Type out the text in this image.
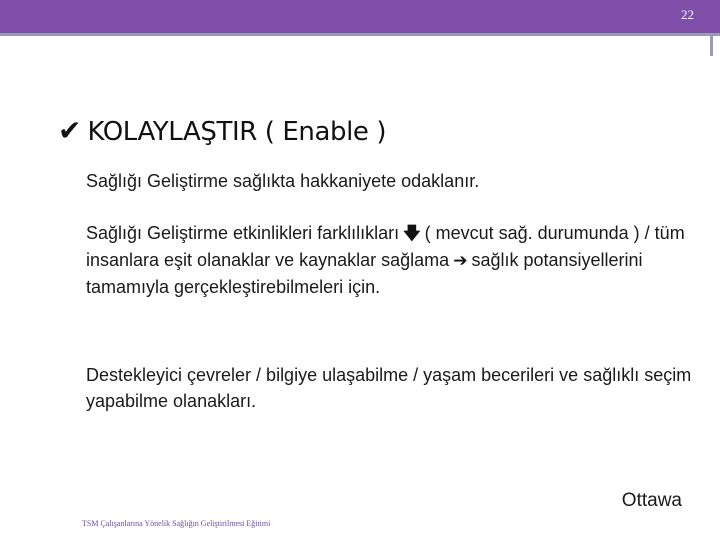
22
✔ KOLAYLAŞTIR ( Enable )
Sağlığı Geliştirme sağlıkta hakkaniyete odaklanır.
Sağlığı Geliştirme etkinlikleri farklılıkları 🡇 ( mevcut sağ. durumunda ) / tüm insanlara eşit olanaklar ve kaynaklar sağlama ➔ sağlık potansiyellerini tamamıyla gerçekleştirebilmeleri için.
Destekleyici çevreler / bilgiye ulaşabilme / yaşam becerileri ve sağlıklı seçim yapabilme olanakları.
Ottawa
TSM Çalışanlarına Yönelik Sağlığın Geliştirilmesi Eğitimi
